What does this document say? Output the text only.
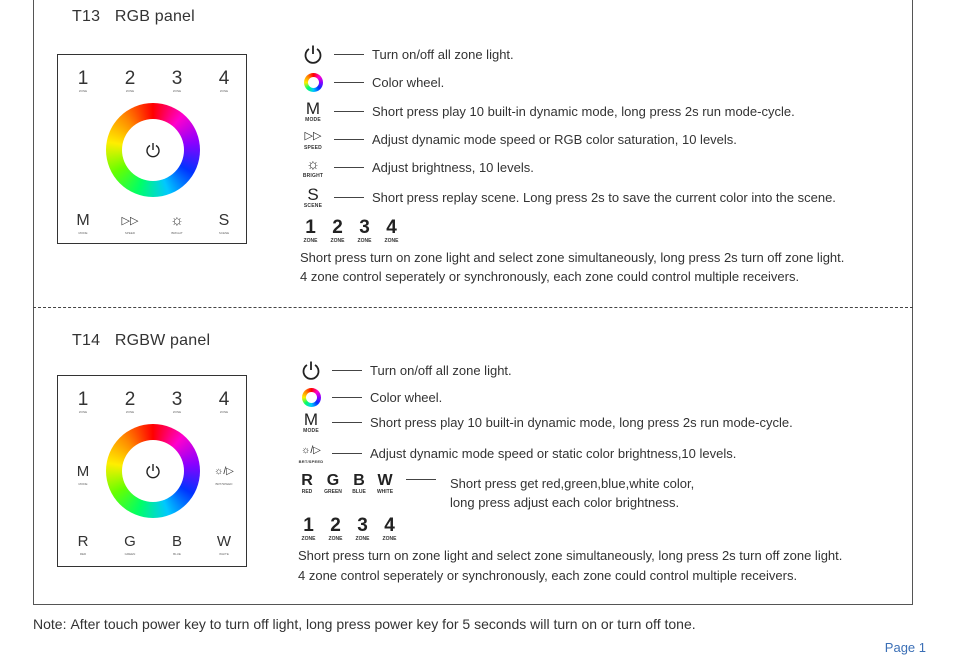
T13 RGB panel
1
ZONE
2
ZONE
3
ZONE
4
ZONE
M
MODE
▷▷
SPEED
☼
BRIGHT
S
SCENE
Turn on/off all zone light.
Color wheel.
M
MODE
Short press play 10 built-in dynamic mode, long press 2s run mode-cycle.
▷▷
SPEED
Adjust dynamic mode speed or RGB color saturation, 10 levels.
☼
BRIGHT
Adjust brightness, 10 levels.
S
SCENE
Short press replay scene. Long press 2s to save the current color into the scene.
1
ZONE
2
ZONE
3
ZONE
4
ZONE
Short press turn on zone light and select zone simultaneously, long press 2s turn off zone light.
4 zone control seperately or synchronously, each zone could control multiple receivers.
T14 RGBW panel
1
ZONE
2
ZONE
3
ZONE
4
ZONE
M
MODE
☼/▷
BRT/SPEED
R
RED
G
GREEN
B
BLUE
W
WHITE
Turn on/off all zone light.
Color wheel.
M
MODE
Short press play 10 built-in dynamic mode, long press 2s run mode-cycle.
☼/▷
BRT/SPEED
Adjust dynamic mode speed or static color brightness,10 levels.
R
RED
G
GREEN
B
BLUE
W
WHITE
Short press get red,green,blue,white color,
long press adjust each color brightness.
1
ZONE
2
ZONE
3
ZONE
4
ZONE
Short press turn on zone light and select zone simultaneously, long press 2s turn off zone light.
4 zone control seperately or synchronously, each zone could control multiple receivers.
Note: After touch power key to turn off light, long press power key for 5 seconds will turn on or turn off tone.
Page 1
